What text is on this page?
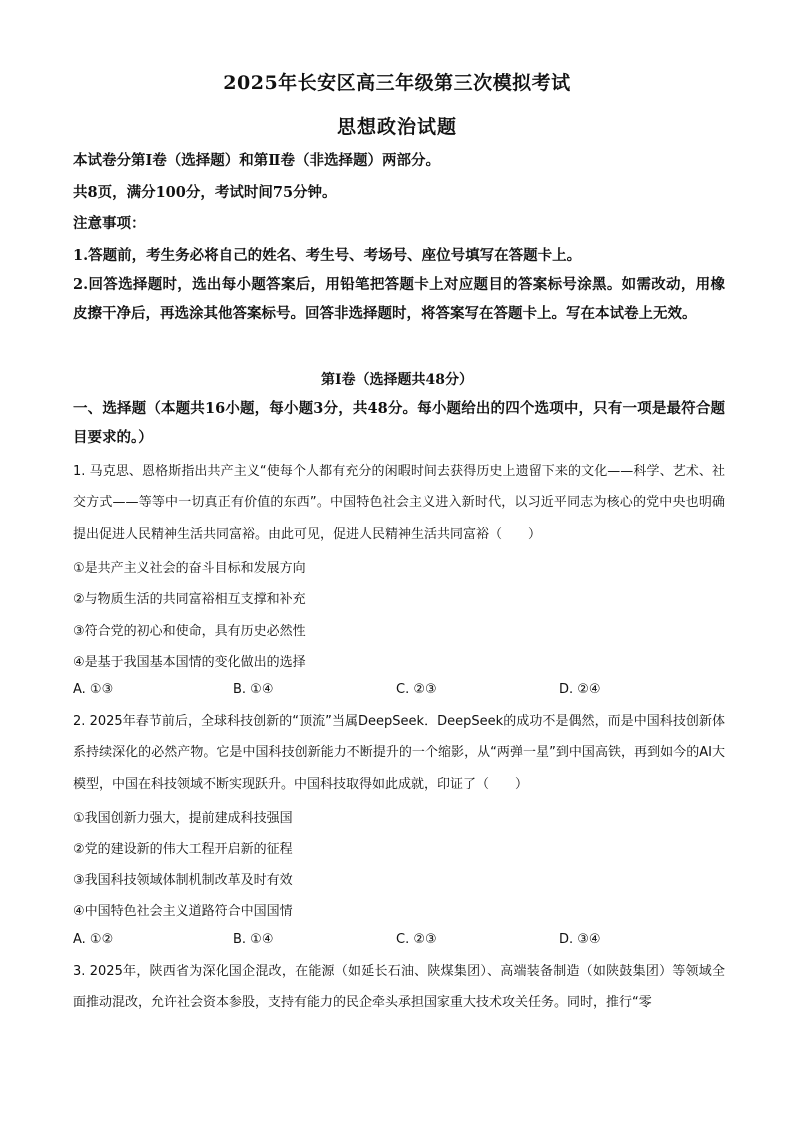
2025年长安区高三年级第三次模拟考试
思想政治试题
本试卷分第Ⅰ卷（选择题）和第Ⅱ卷（非选择题）两部分。
共8页，满分100分，考试时间75分钟。
注意事项：
1.答题前，考生务必将自己的姓名、考生号、考场号、座位号填写在答题卡上。
2.回答选择题时，选出每小题答案后，用铅笔把答题卡上对应题目的答案标号涂黑。如需改动，用橡皮擦干净后，再选涂其他答案标号。回答非选择题时，将答案写在答题卡上。写在本试卷上无效。
第Ⅰ卷（选择题共48分）
一、选择题（本题共16小题，每小题3分，共48分。每小题给出的四个选项中，只有一项是最符合题目要求的。）
1. 马克思、恩格斯指出共产主义“使每个人都有充分的闲暇时间去获得历史上遗留下来的文化——科学、艺术、社交方式——等等中一切真正有价值的东西”。中国特色社会主义进入新时代，以习近平同志为核心的党中央也明确提出促进人民精神生活共同富裕。由此可见，促进人民精神生活共同富裕（　　）
①是共产主义社会的奋斗目标和发展方向
②与物质生活的共同富裕相互支撑和补充
③符合党的初心和使命，具有历史必然性
④是基于我国基本国情的变化做出的选择
A. ①③	B. ①④	C. ②③	D. ②④
2. 2025年春节前后，全球科技创新的“顶流”当属DeepSeek．DeepSeek的成功不是偶然，而是中国科技创新体系持续深化的必然产物。它是中国科技创新能力不断提升的一个缩影，从“两弹一星”到中国高铁，再到如今的AI大模型，中国在科技领域不断实现跃升。中国科技取得如此成就，印证了（　　）
①我国创新力强大，提前建成科技强国
②党的建设新的伟大工程开启新的征程
③我国科技领域体制机制改革及时有效
④中国特色社会主义道路符合中国国情
A. ①②	B. ①④	C. ②③	D. ③④
3. 2025年，陕西省为深化国企混改，在能源（如延长石油、陕煤集团）、高端装备制造（如陕鼓集团）等领域全面推动混改，允许社会资本参股，支持有能力的民企牵头承担国家重大技术攻关任务。同时，推行“零
